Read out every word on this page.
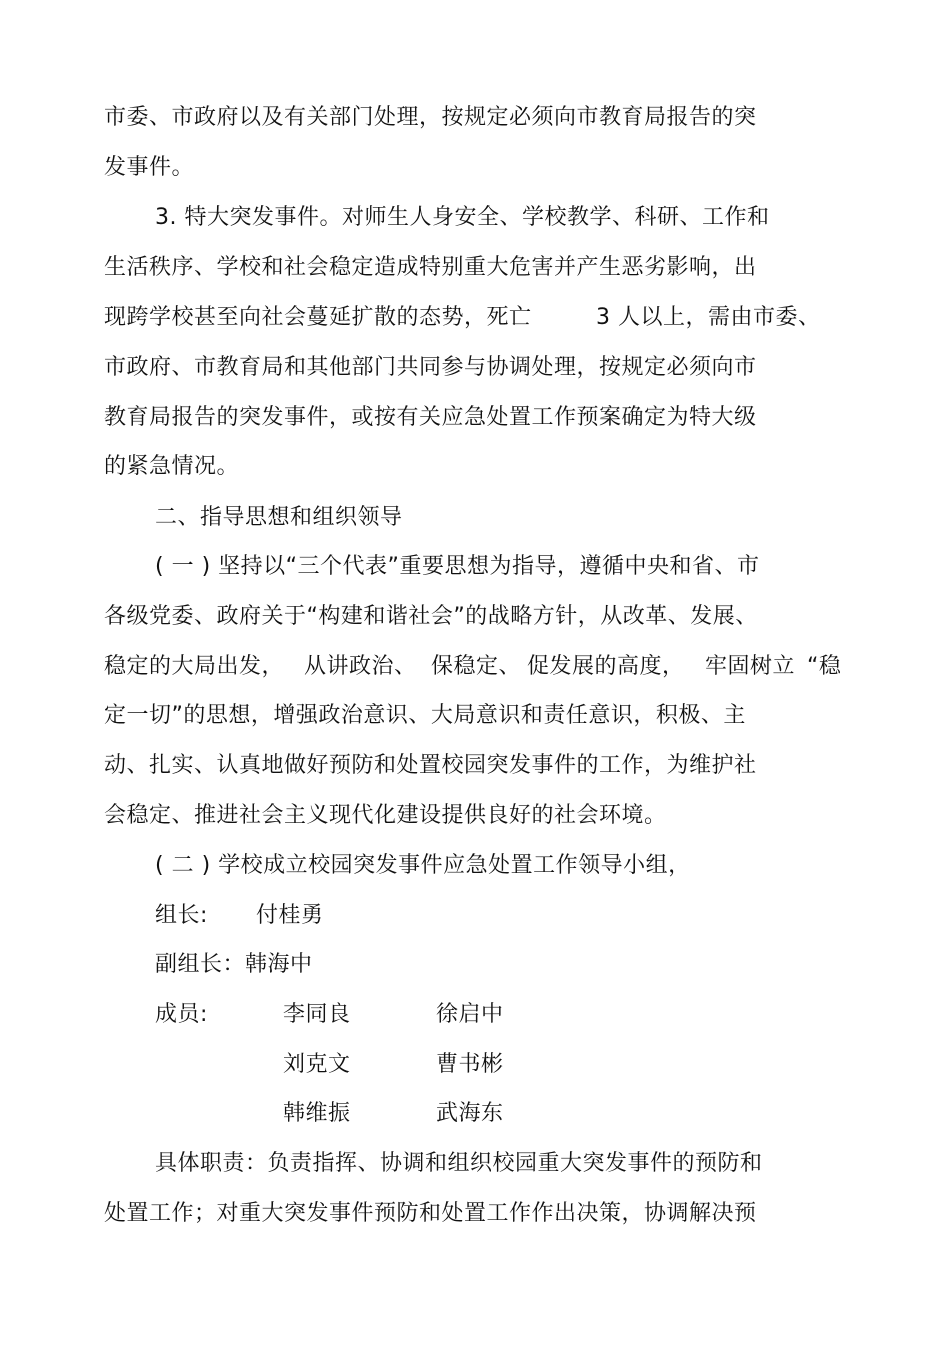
市委、市政府以及有关部门处理，按规定必须向市教育局报告的突
发事件。
3. 特大突发事件。对师生人身安全、学校教学、科研、工作和
生活秩序、学校和社会稳定造成特别重大危害并产生恶劣影响，出
现跨学校甚至向社会蔓延扩散的态势，死亡	3 人以上，需由市委、
市政府、市教育局和其他部门共同参与协调处理，按规定必须向市
教育局报告的突发事件，或按有关应急处置工作预案确定为特大级
的紧急情况。
二、指导思想和组织领导
( 一 ) 坚持以“三个代表”重要思想为指导，遵循中央和省、市
各级党委、政府关于“构建和谐社会”的战略方针，从改革、发展、
稳定的大局出发， 从讲政治、 保稳定、 促发展的高度， 牢固树立 “稳
定一切”的思想，增强政治意识、大局意识和责任意识，积极、主
动、扎实、认真地做好预防和处置校园突发事件的工作，为维护社
会稳定、推进社会主义现代化建设提供良好的社会环境。
( 二 ) 学校成立校园突发事件应急处置工作领导小组，
组长: 付桂勇
副组长：韩海中
成员:	李同良	徐启中
刘克文	曹书彬
韩维振	武海东
具体职责：负责指挥、协调和组织校园重大突发事件的预防和
处置工作；对重大突发事件预防和处置工作作出决策，协调解决预
